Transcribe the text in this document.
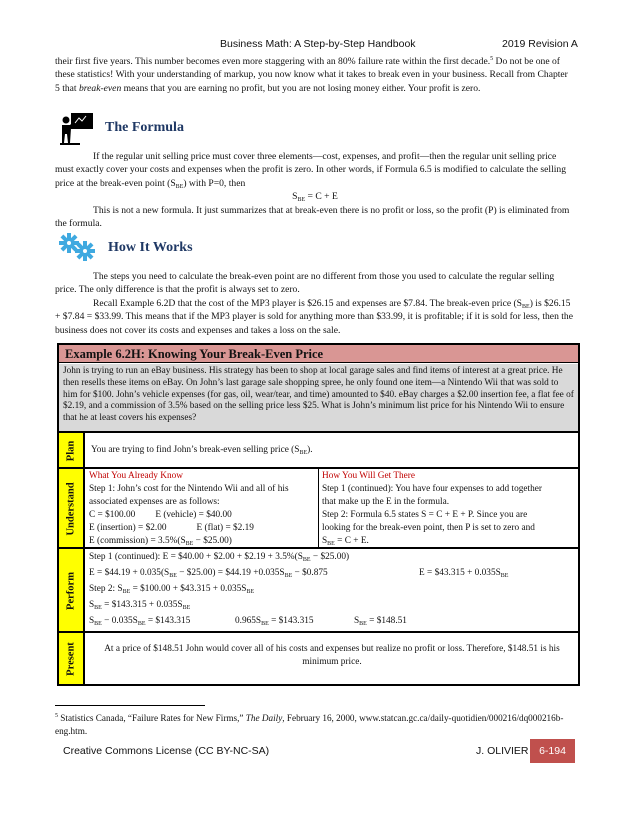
Business Math: A Step-by-Step Handbook	2019 Revision A

their first five years. This number becomes even more staggering with an 80% failure rate within the first decade.$^5$ Do not be one of these statistics! With your understanding of markup, you now know what it takes to break even in your business. Recall from Chapter 5 that break-even means that you are earning no profit, but you are not losing money either. Your profit is zero.

The Formula

If the regular unit selling price must cover three elements—cost, expenses, and profit—then the regular unit selling price must exactly cover your costs and expenses when the profit is zero. In other words, if Formula 6.5 is modified to calculate the selling price at the break-even point $(S_{BE})$ with P=0, then

$S_{BE} = C + E$

This is not a new formula. It just summarizes that at break-even there is no profit or loss, so the profit (P) is eliminated from the formula.

How It Works

The steps you need to calculate the break-even point are no different from those you used to calculate the regular selling price. The only difference is that the profit is always set to zero.

Recall Example 6.2D that the cost of the MP3 player is $26.15 and expenses are $7.84. The break-even price $(S_{BE})$ is $26.15 + $7.84 = $33.99. This means that if the MP3 player is sold for anything more than $33.99, it is profitable; if it is sold for less, then the business does not cover its costs and expenses and takes a loss on the sale.

Example 6.2H: Knowing Your Break-Even Price
John is trying to run an eBay business. His strategy has been to shop at local garage sales and find items of interest at a great price. He then resells these items on eBay. On John’s last garage sale shopping spree, he only found one item—a Nintendo Wii that was sold to him for $100. John’s vehicle expenses (for gas, oil, wear/tear, and time) amounted to $40. eBay charges a $2.00 insertion fee, a flat fee of $2.19, and a commission of 3.5% based on the selling price less $25. What is John’s minimum list price for his Nintendo Wii to ensure that he at least covers his expenses?
Plan You are trying to find John’s break-even selling price $(S_{BE})$.
Understand
What You Already Know
Step 1: John’s cost for the Nintendo Wii and all of his
associated expenses are as follows:
C = $100.00 E (vehicle) = $40.00
E (insertion) = $2.00	E (flat) = $2.19
E (commission) = $3.5\%(S_{BE}$ − $25.00)
How You Will Get There
Step 1 (continued): You have four expenses to add together
that make up the E in the formula.
Step 2: Formula 6.5 states S = C + E + P. Since you are
looking for the break-even point, then P is set to zero and
$S_{BE} = C + E$.
Perform
Step 1 (continued): E = $40.00 + $2.00 + $2.19 + $3.5\%(S_{BE}$ − $25.00)
E = $44.19 + $0.035(S_{BE}$ − $25.00) = $44.19 $+0.035S_{BE}$ − $0.875	E = $43.315 + $0.035S_{BE}$
Step 2: $S_{BE}$ = $100.00 + $43.315 + $0.035S_{BE}$
$S_{BE}$ = $143.315 + $0.035S_{BE}$
$S_{BE} - 0.035S_{BE}$ = $143.315	$0.965S_{BE}$ = $143.315	$S_{BE}$ = $148.51
Present	At a price of $148.51 John would cover all of his costs and expenses but realize no profit or loss. Therefore, $148.51 is his minimum price.

$^5$ Statistics Canada, “Failure Rates for New Firms,” The Daily, February 16, 2000, www.statcan.gc.ca/daily-quotidien/000216/dq000216b-eng.htm.

Creative Commons License (CC BY-NC-SA)	J. OLIVIER	6-194
